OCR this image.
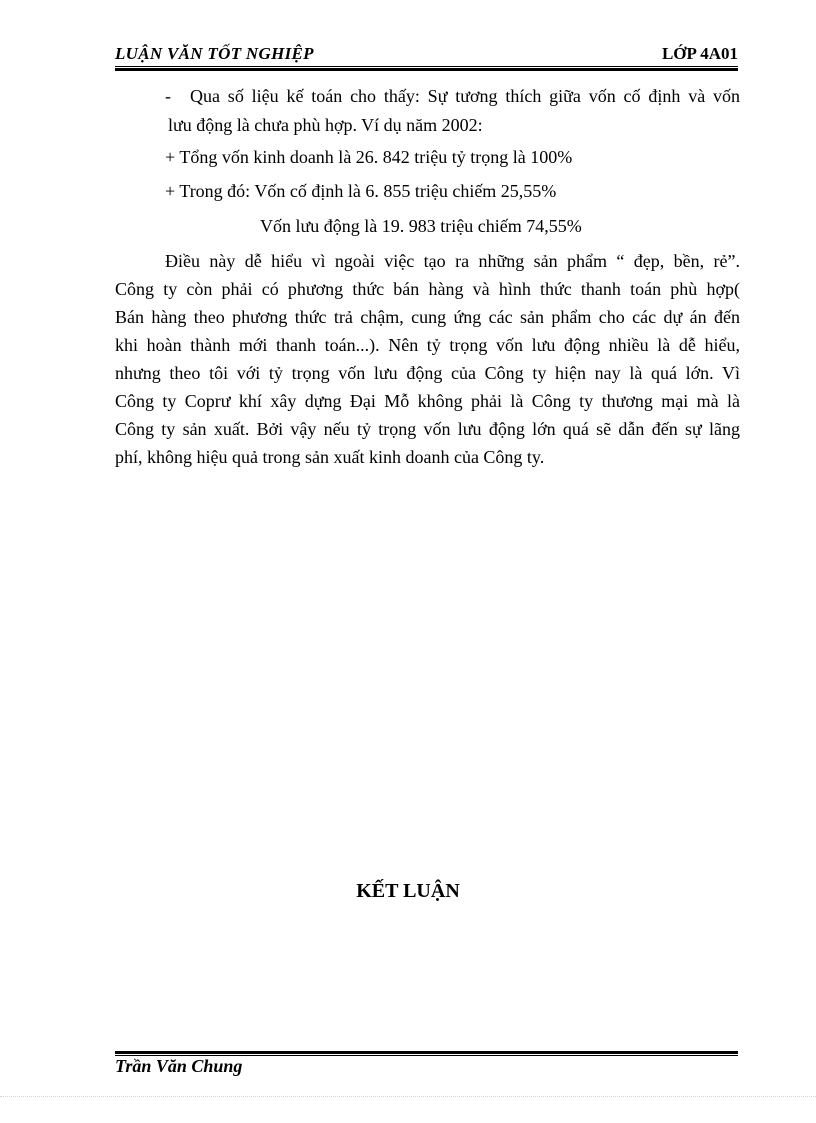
LUẬN VĂN TỐT NGHIỆP	LỚP 4A01
- Qua số liệu kế toán cho thấy: Sự tương thích giữa vốn cố định và vốn
lưu động là chưa phù hợp. Ví dụ năm 2002:
+ Tổng vốn kinh doanh là 26. 842 triệu tỷ trọng là 100%
+ Trong đó: Vốn cố định là 6. 855 triệu chiếm 25,55%
Vốn lưu động là 19. 983 triệu chiếm 74,55%
Điều này dễ hiểu vì ngoài việc tạo ra những sản phẩm “ đẹp, bền, rẻ”.
Công ty còn phải có phương thức bán hàng và hình thức thanh toán phù hợp(
Bán hàng theo phương thức trả chậm, cung ứng các sản phẩm cho các dự án đến
khi hoàn thành mới thanh toán...). Nên tỷ trọng vốn lưu động nhiều là dễ hiểu,
nhưng theo tôi với tỷ trọng vốn lưu động của Công ty hiện nay là quá lớn. Vì
Công ty Coprư khí xây dựng Đại Mỗ không phải là Công ty thương mại mà là
Công ty sản xuất. Bởi vậy nếu tỷ trọng vốn lưu động lớn quá sẽ dẫn đến sự lãng
phí, không hiệu quả trong sản xuất kinh doanh của Công ty.
KẾT LUẬN
Trần Văn Chung
